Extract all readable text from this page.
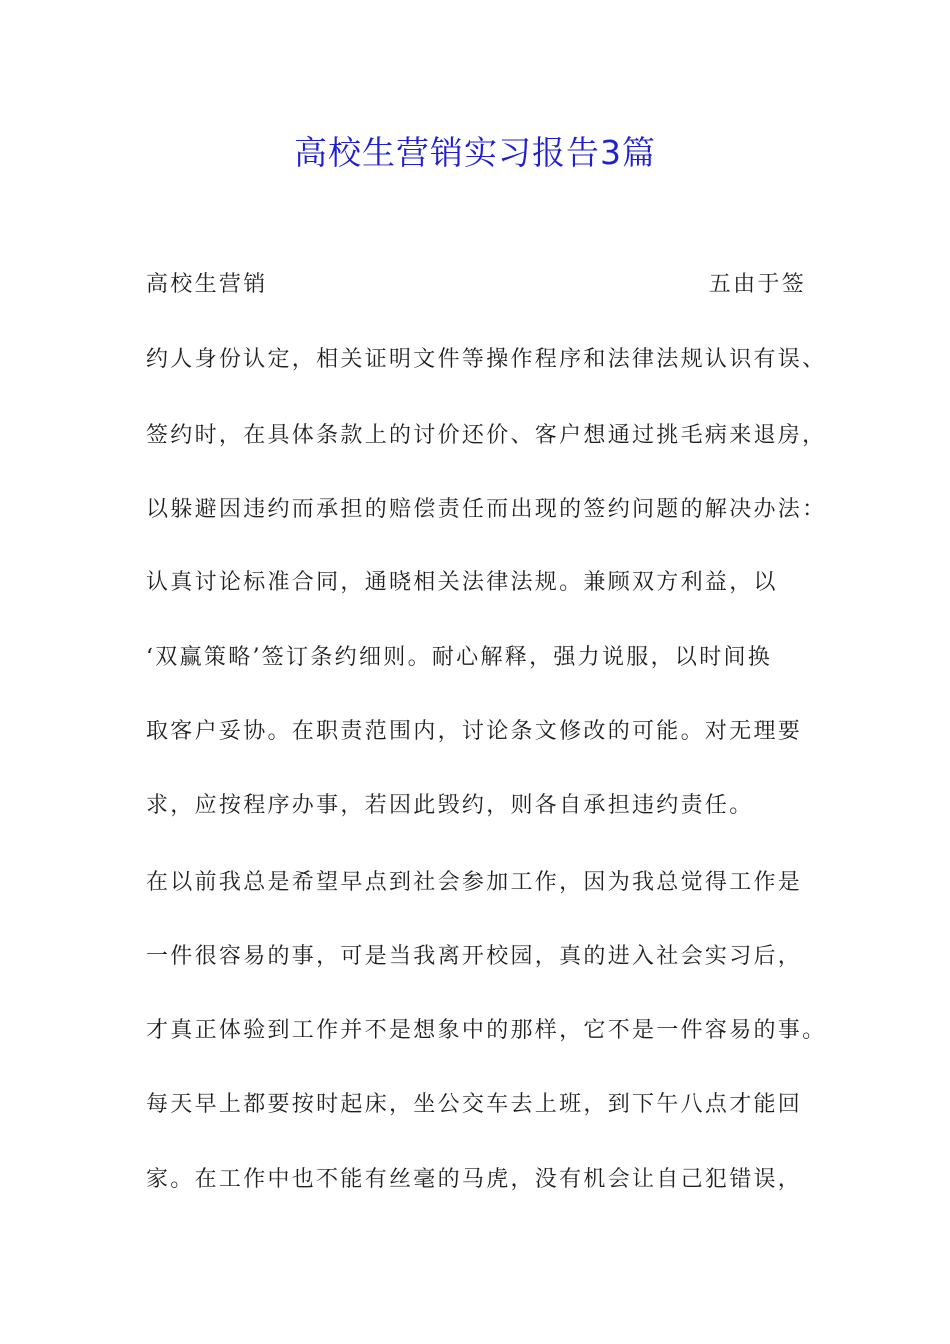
高校生营销实习报告3篇
高校生营销	五由于签
约人身份认定，相关证明文件等操作程序和法律法规认识有误、
签约时，在具体条款上的讨价还价、客户想通过挑毛病来退房，
以躲避因违约而承担的赔偿责任而出现的签约问题的解决办法：
认真讨论标准合同，通晓相关法律法规。兼顾双方利益，以
‘双赢策略’签订条约细则。耐心解释，强力说服，以时间换
取客户妥协。在职责范围内，讨论条文修改的可能。对无理要
求，应按程序办事，若因此毁约，则各自承担违约责任。
在以前我总是希望早点到社会参加工作，因为我总觉得工作是
一件很容易的事，可是当我离开校园，真的进入社会实习后，
才真正体验到工作并不是想象中的那样，它不是一件容易的事。
每天早上都要按时起床，坐公交车去上班，到下午八点才能回
家。在工作中也不能有丝毫的马虎，没有机会让自己犯错误，
